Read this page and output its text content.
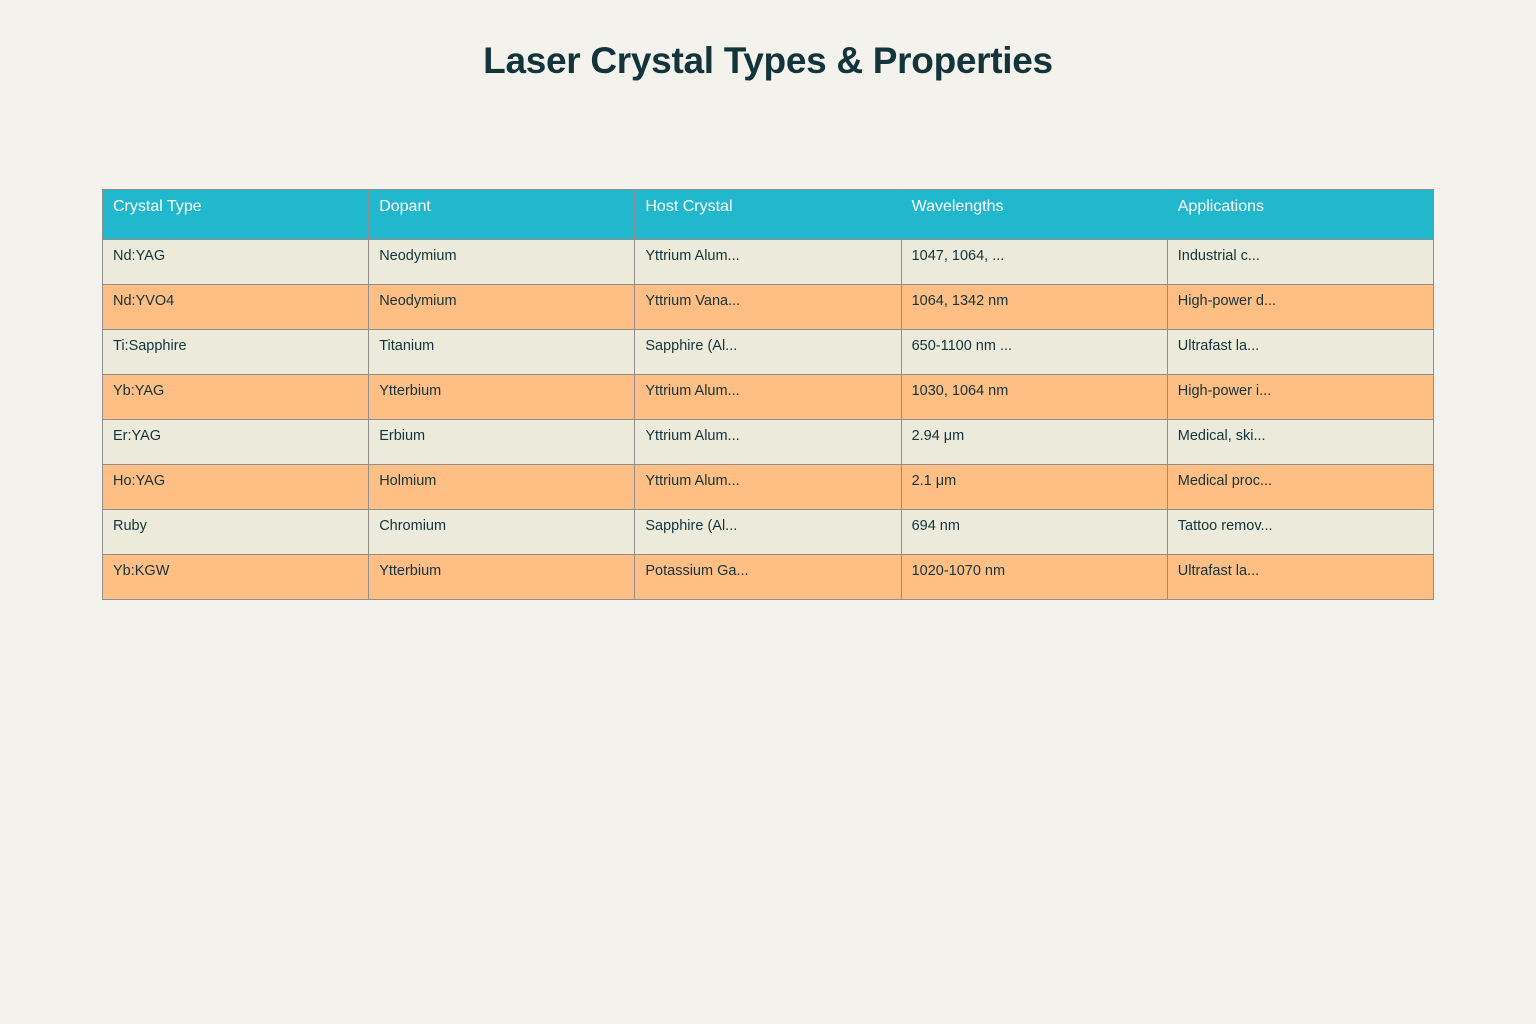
Laser Crystal Types & Properties
Crystal Type	Dopant	Host Crystal	Wavelengths	Applications
Nd:YAG	Neodymium	Yttrium Alum...	1047, 1064, ...	Industrial c...
Nd:YVO4	Neodymium	Yttrium Vana...	1064, 1342 nm	High-power d...
Ti:Sapphire	Titanium	Sapphire (Al...	650-1100 nm ...	Ultrafast la...
Yb:YAG	Ytterbium	Yttrium Alum...	1030, 1064 nm	High-power i...
Er:YAG	Erbium	Yttrium Alum...	2.94 μm	Medical, ski...
Ho:YAG	Holmium	Yttrium Alum...	2.1 μm	Medical proc...
Ruby	Chromium	Sapphire (Al...	694 nm	Tattoo remov...
Yb:KGW	Ytterbium	Potassium Ga...	1020-1070 nm	Ultrafast la...
